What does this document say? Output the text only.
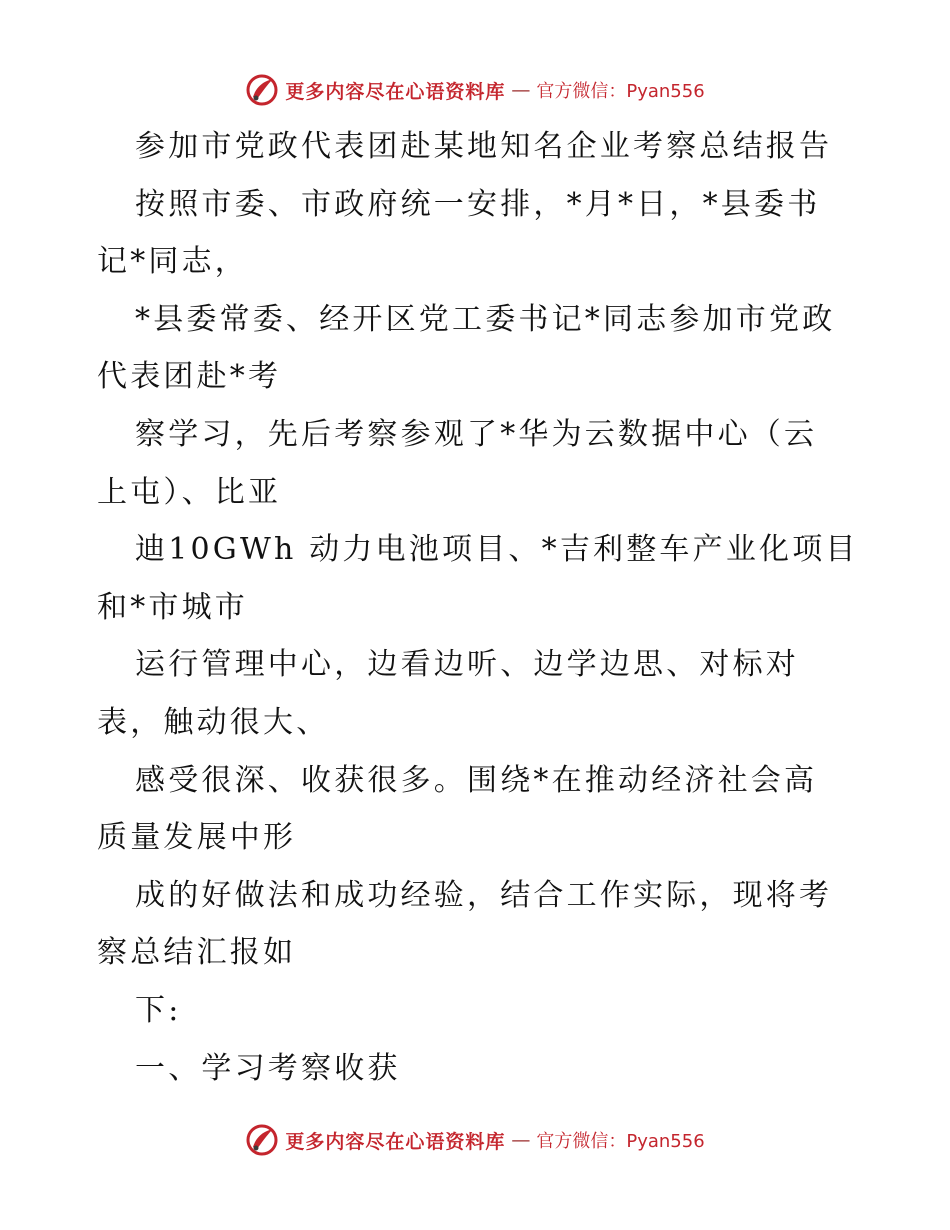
更多内容尽在心语资料库 — 官方微信：Pyan556
参加市党政代表团赴某地知名企业考察总结报告
按照市委、市政府统一安排，*月*日，*县委书
记*同志，
*县委常委、经开区党工委书记*同志参加市党政
代表团赴*考
察学习，先后考察参观了*华为云数据中心（云
上屯）、比亚
迪10GWh 动力电池项目、*吉利整车产业化项目
和*市城市
运行管理中心，边看边听、边学边思、对标对
表，触动很大、
感受很深、收获很多。围绕*在推动经济社会高
质量发展中形
成的好做法和成功经验，结合工作实际，现将考
察总结汇报如
下:
一、学习考察收获
更多内容尽在心语资料库 — 官方微信：Pyan556
